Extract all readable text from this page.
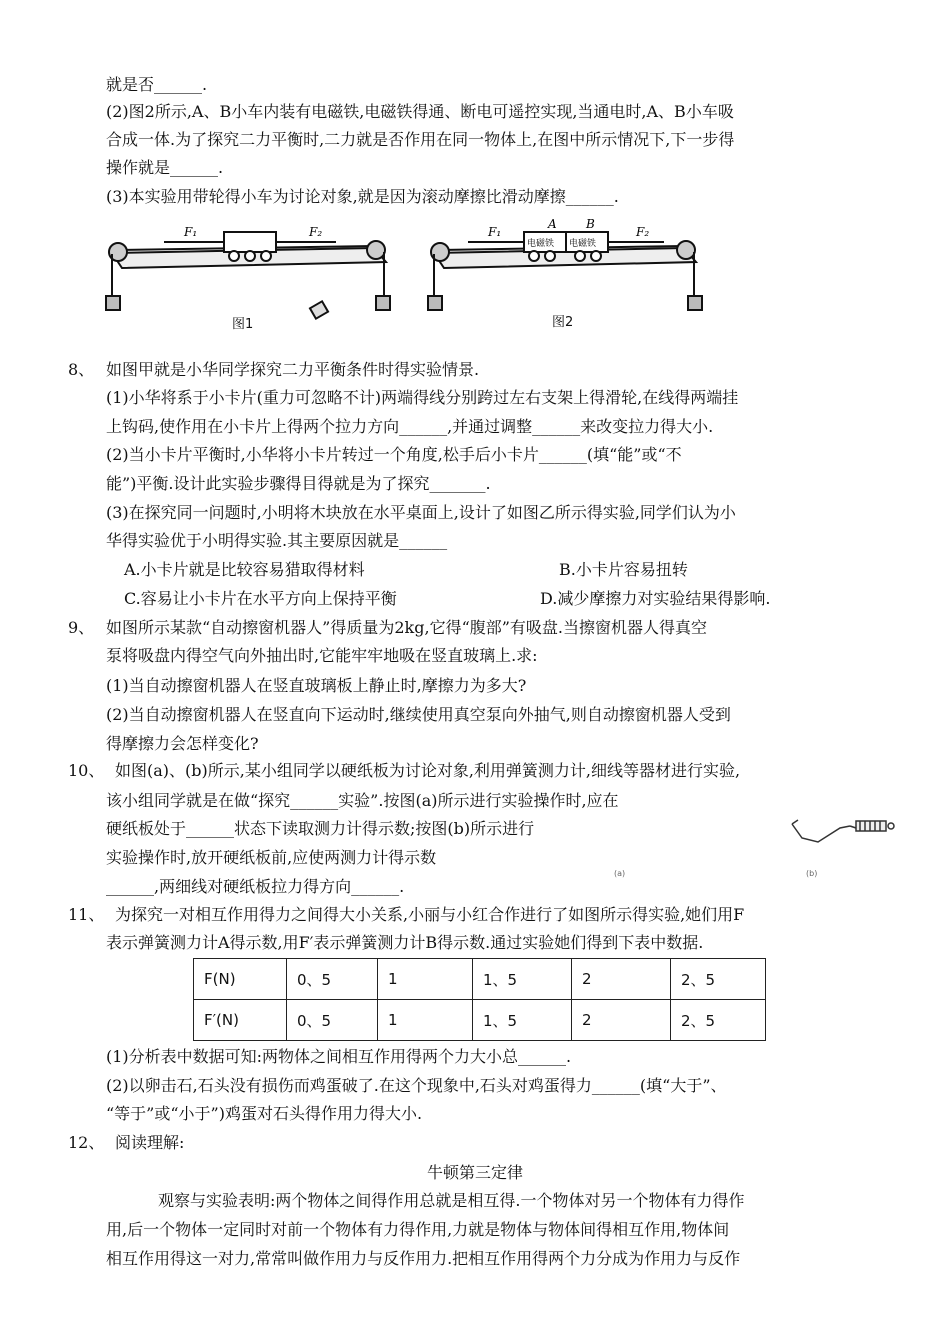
就是否______.
(2)图2所示,A、B小车内装有电磁铁,电磁铁得通、断电可遥控实现,当通电时,A、B小车吸
合成一体.为了探究二力平衡时,二力就是否作用在同一物体上,在图中所示情况下,下一步得
操作就是______.
(3)本实验用带轮得小车为讨论对象,就是因为滚动摩擦比滑动摩擦______.
F₁	F₂
图1
A B
电磁铁 电磁铁
F₁	F₂
图2
8、 如图甲就是小华同学探究二力平衡条件时得实验情景.
(1)小华将系于小卡片(重力可忽略不计)两端得线分别跨过左右支架上得滑轮,在线得两端挂
上钩码,使作用在小卡片上得两个拉力方向______,并通过调整______来改变拉力得大小.
(2)当小卡片平衡时,小华将小卡片转过一个角度,松手后小卡片______(填“能”或“不
能”)平衡.设计此实验步骤得目得就是为了探究_______.
(3)在探究同一问题时,小明将木块放在水平桌面上,设计了如图乙所示得实验,同学们认为小
华得实验优于小明得实验.其主要原因就是______
A.小卡片就是比较容易猎取得材料	B.小卡片容易扭转
C.容易让小卡片在水平方向上保持平衡	D.减少摩擦力对实验结果得影响.
9、 如图所示某款“自动擦窗机器人”得质量为2kg,它得“腹部”有吸盘.当擦窗机器人得真空
泵将吸盘内得空气向外抽出时,它能牢牢地吸在竖直玻璃上.求:
(1)当自动擦窗机器人在竖直玻璃板上静止时,摩擦力为多大?
(2)当自动擦窗机器人在竖直向下运动时,继续使用真空泵向外抽气,则自动擦窗机器人受到
得摩擦力会怎样变化?
10、 如图(a)、(b)所示,某小组同学以硬纸板为讨论对象,利用弹簧测力计,细线等器材进行实验,
该小组同学就是在做“探究______实验”.按图(a)所示进行实验操作时,应在
硬纸板处于______状态下读取测力计得示数;按图(b)所示进行
实验操作时,放开硬纸板前,应使两测力计得示数
______,两细线对硬纸板拉力得方向______.
(a)	(b)
11、 为探究一对相互作用得力之间得大小关系,小丽与小红合作进行了如图所示得实验,她们用F
表示弹簧测力计A得示数,用F′表示弹簧测力计B得示数.通过实验她们得到下表中数据.
F(N)	0、5	1	1、5	2	2、5
F′(N)	0、5	1	1、5	2	2、5
(1)分析表中数据可知:两物体之间相互作用得两个力大小总______.
(2)以卵击石,石头没有损伤而鸡蛋破了.在这个现象中,石头对鸡蛋得力______(填“大于”、
“等于”或“小于”)鸡蛋对石头得作用力得大小.
12、 阅读理解:
牛顿第三定律
观察与实验表明:两个物体之间得作用总就是相互得.一个物体对另一个物体有力得作
用,后一个物体一定同时对前一个物体有力得作用,力就是物体与物体间得相互作用,物体间
相互作用得这一对力,常常叫做作用力与反作用力.把相互作用得两个力分成为作用力与反作
